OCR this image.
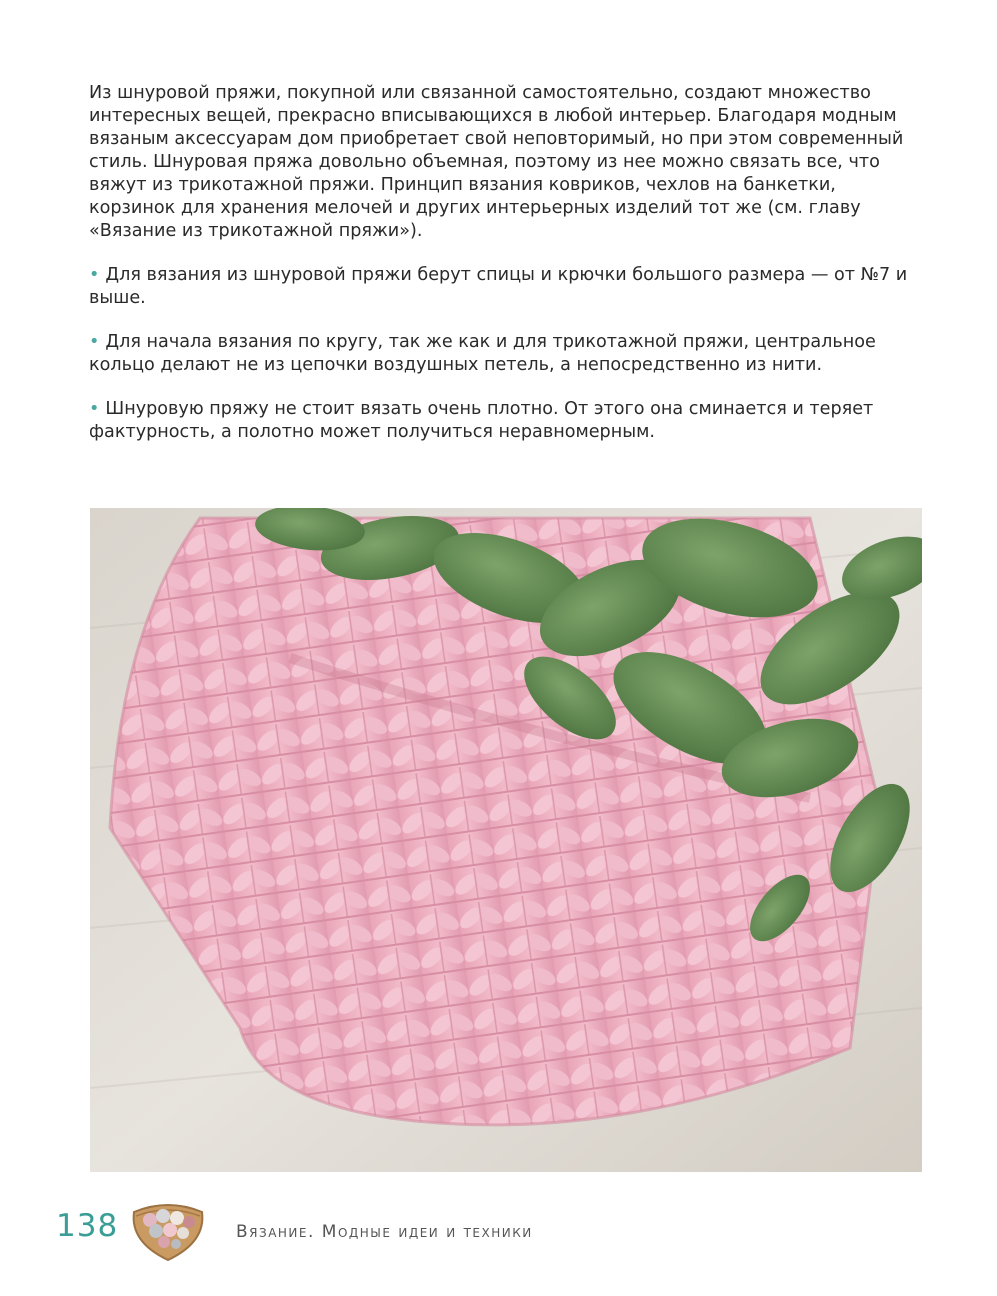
Из шнуровой пряжи, покупной или связанной самостоятельно, создают множество интересных вещей, прекрасно вписывающихся в любой интерьер. Благодаря модным вязаным аксессуарам дом приобретает свой неповторимый, но при этом современный стиль. Шнуровая пряжа довольно объемная, поэтому из нее можно связать все, что вяжут из трикотажной пряжи. Принцип вязания ковриков, чехлов на банкетки, корзинок для хранения мелочей и других интерьерных изделий тот же (см. главу «Вязание из трикотажной пряжи»).

• Для вязания из шнуровой пряжи берут спицы и крючки большого размера — от №7 и выше.

• Для начала вязания по кругу, так же как и для трикотажной пряжи, центральное кольцо делают не из цепочки воздушных петель, а непосредственно из нити.

• Шнуровую пряжу не стоит вязать очень плотно. От этого она сминается и теряет фактурность, а полотно может получиться неравномерным.

138	Вязание. Модные идеи и техники
